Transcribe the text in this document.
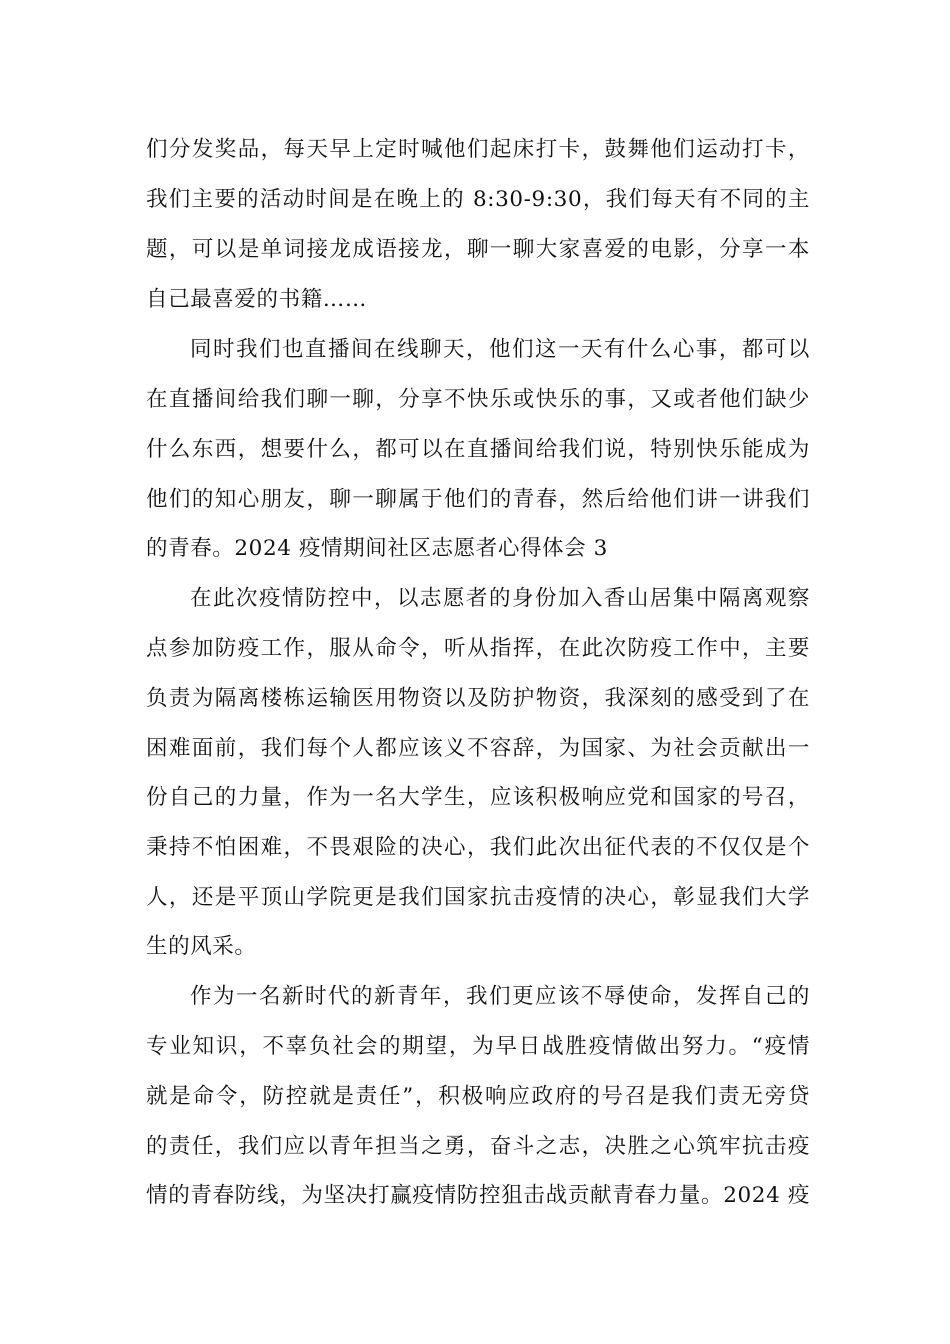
们分发奖品，每天早上定时喊他们起床打卡，鼓舞他们运动打卡，
我们主要的活动时间是在晚上的 8:30-9:30，我们每天有不同的主
题，可以是单词接龙成语接龙，聊一聊大家喜爱的电影，分享一本
自己最喜爱的书籍……
同时我们也直播间在线聊天，他们这一天有什么心事，都可以
在直播间给我们聊一聊，分享不快乐或快乐的事，又或者他们缺少
什么东西，想要什么，都可以在直播间给我们说，特别快乐能成为
他们的知心朋友，聊一聊属于他们的青春，然后给他们讲一讲我们
的青春。2024 疫情期间社区志愿者心得体会 3
在此次疫情防控中，以志愿者的身份加入香山居集中隔离观察
点参加防疫工作，服从命令，听从指挥，在此次防疫工作中，主要
负责为隔离楼栋运输医用物资以及防护物资，我深刻的感受到了在
困难面前，我们每个人都应该义不容辞，为国家、为社会贡献出一
份自己的力量，作为一名大学生，应该积极响应党和国家的号召，
秉持不怕困难，不畏艰险的决心，我们此次出征代表的不仅仅是个
人，还是平顶山学院更是我们国家抗击疫情的决心，彰显我们大学
生的风采。
作为一名新时代的新青年，我们更应该不辱使命，发挥自己的
专业知识，不辜负社会的期望，为早日战胜疫情做出努力。“疫情
就是命令，防控就是责任”，积极响应政府的号召是我们责无旁贷
的责任，我们应以青年担当之勇，奋斗之志，决胜之心筑牢抗击疫
情的青春防线，为坚决打赢疫情防控狙击战贡献青春力量。2024 疫
